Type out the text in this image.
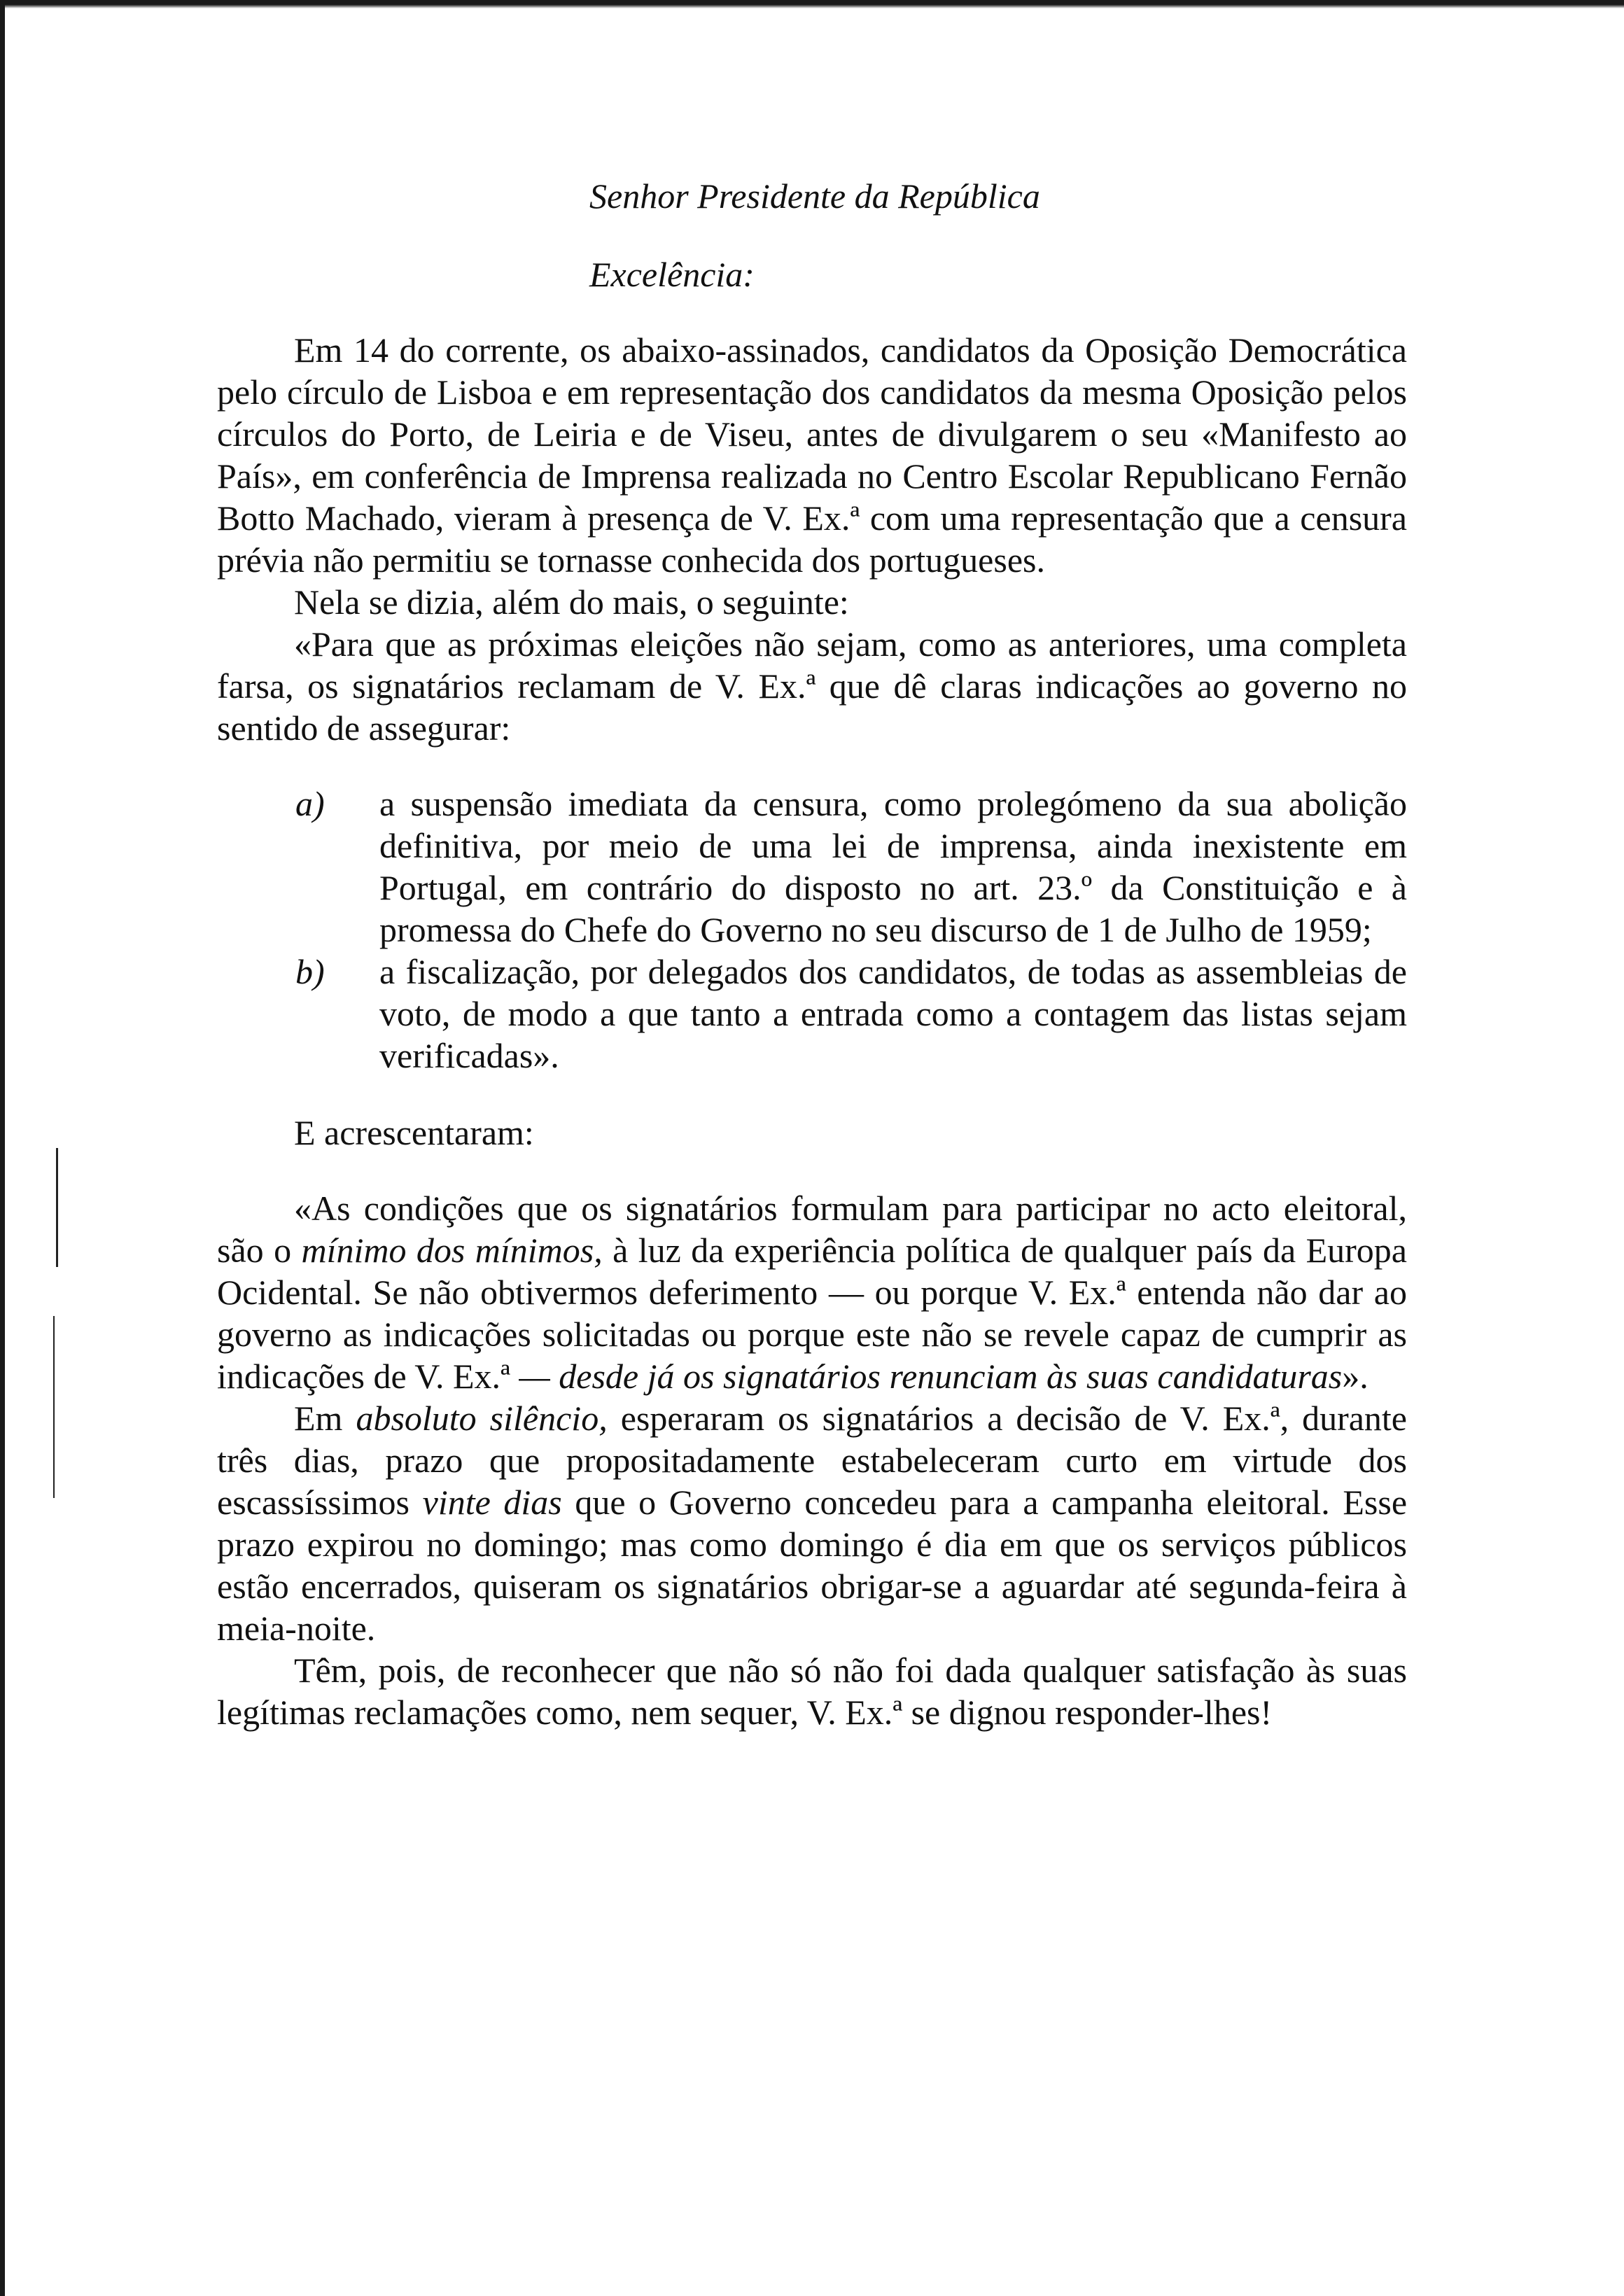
Senhor Presidente da República

Excelência:

Em 14 do corrente, os abaixo-assinados, candidatos da Oposição Democrática pelo círculo de Lisboa e em representação dos candidatos da mesma Oposição pelos círculos do Porto, de Leiria e de Viseu, antes de divulgarem o seu «Manifesto ao País», em conferência de Imprensa realizada no Centro Escolar Republicano Fernão Botto Machado, vieram à presença de V. Ex.ª com uma representação que a censura prévia não permitiu se tornasse conhecida dos portugueses.

Nela se dizia, além do mais, o seguinte:

«Para que as próximas eleições não sejam, como as anteriores, uma completa farsa, os signatários reclamam de V. Ex.ª que dê claras indicações ao governo no sentido de assegurar:

a)	a suspensão imediata da censura, como prolegómeno da sua abolição definitiva, por meio de uma lei de imprensa, ainda inexistente em Portugal, em contrário do disposto no art. 23.º da Constituição e à promessa do Chefe do Governo no seu discurso de 1 de Julho de 1959;
b)	a fiscalização, por delegados dos candidatos, de todas as assembleias de voto, de modo a que tanto a entrada como a contagem das listas sejam verificadas».

E acrescentaram:

«As condições que os signatários formulam para participar no acto eleitoral, são o mínimo dos mínimos, à luz da experiência política de qualquer país da Europa Ocidental. Se não obtivermos deferimento — ou porque V. Ex.ª entenda não dar ao governo as indicações solicitadas ou porque este não se revele capaz de cumprir as indicações de V. Ex.ª — desde já os signatários renunciam às suas candidaturas».

Em absoluto silêncio, esperaram os signatários a decisão de V. Ex.ª, durante três dias, prazo que propositadamente estabeleceram curto em virtude dos escassíssimos vinte dias que o Governo concedeu para a campanha eleitoral. Esse prazo expirou no domingo; mas como domingo é dia em que os serviços públicos estão encerrados, quiseram os signatários obrigar-se a aguardar até segunda-feira à meia-noite.

Têm, pois, de reconhecer que não só não foi dada qualquer satisfação às suas legítimas reclamações como, nem sequer, V. Ex.ª se dignou responder-lhes!
